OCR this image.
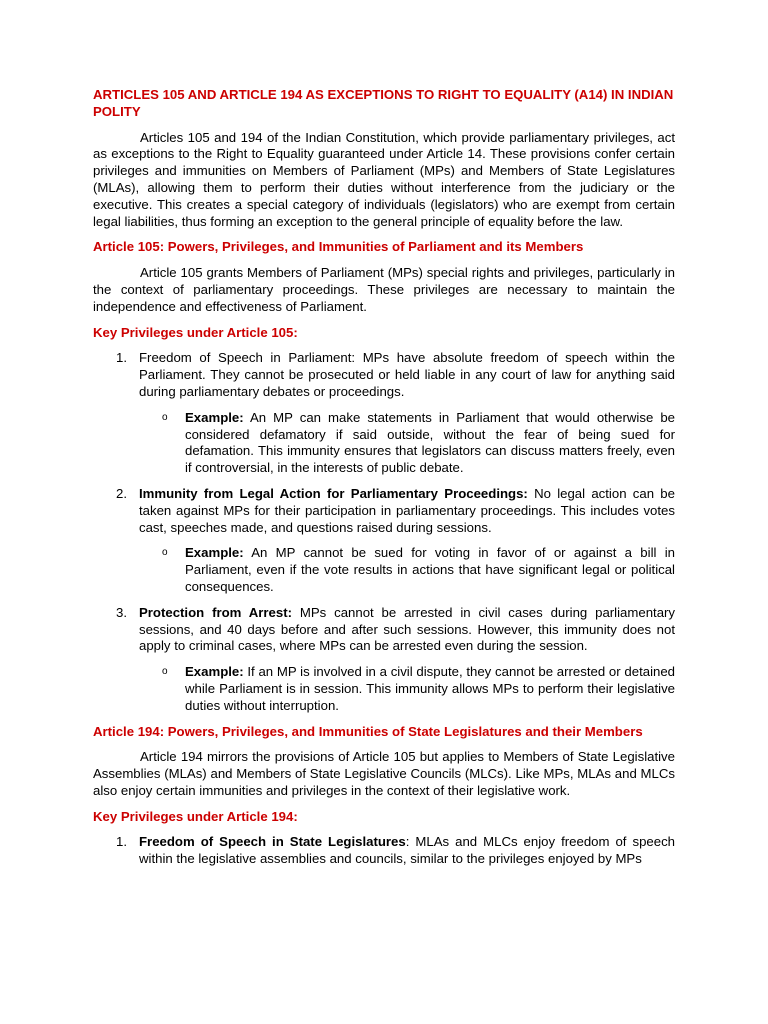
ARTICLES 105 AND ARTICLE 194 AS EXCEPTIONS TO RIGHT TO EQUALITY (A14) IN INDIAN POLITY
Articles 105 and 194 of the Indian Constitution, which provide parliamentary privileges, act as exceptions to the Right to Equality guaranteed under Article 14. These provisions confer certain privileges and immunities on Members of Parliament (MPs) and Members of State Legislatures (MLAs), allowing them to perform their duties without interference from the judiciary or the executive. This creates a special category of individuals (legislators) who are exempt from certain legal liabilities, thus forming an exception to the general principle of equality before the law.
Article 105: Powers, Privileges, and Immunities of Parliament and its Members
Article 105 grants Members of Parliament (MPs) special rights and privileges, particularly in the context of parliamentary proceedings. These privileges are necessary to maintain the independence and effectiveness of Parliament.
Key Privileges under Article 105:
1. Freedom of Speech in Parliament: MPs have absolute freedom of speech within the Parliament. They cannot be prosecuted or held liable in any court of law for anything said during parliamentary debates or proceedings.
o Example: An MP can make statements in Parliament that would otherwise be considered defamatory if said outside, without the fear of being sued for defamation. This immunity ensures that legislators can discuss matters freely, even if controversial, in the interests of public debate.
2. Immunity from Legal Action for Parliamentary Proceedings: No legal action can be taken against MPs for their participation in parliamentary proceedings. This includes votes cast, speeches made, and questions raised during sessions.
o Example: An MP cannot be sued for voting in favor of or against a bill in Parliament, even if the vote results in actions that have significant legal or political consequences.
3. Protection from Arrest: MPs cannot be arrested in civil cases during parliamentary sessions, and 40 days before and after such sessions. However, this immunity does not apply to criminal cases, where MPs can be arrested even during the session.
o Example: If an MP is involved in a civil dispute, they cannot be arrested or detained while Parliament is in session. This immunity allows MPs to perform their legislative duties without interruption.
Article 194: Powers, Privileges, and Immunities of State Legislatures and their Members
Article 194 mirrors the provisions of Article 105 but applies to Members of State Legislative Assemblies (MLAs) and Members of State Legislative Councils (MLCs). Like MPs, MLAs and MLCs also enjoy certain immunities and privileges in the context of their legislative work.
Key Privileges under Article 194:
1. Freedom of Speech in State Legislatures: MLAs and MLCs enjoy freedom of speech within the legislative assemblies and councils, similar to the privileges enjoyed by MPs
